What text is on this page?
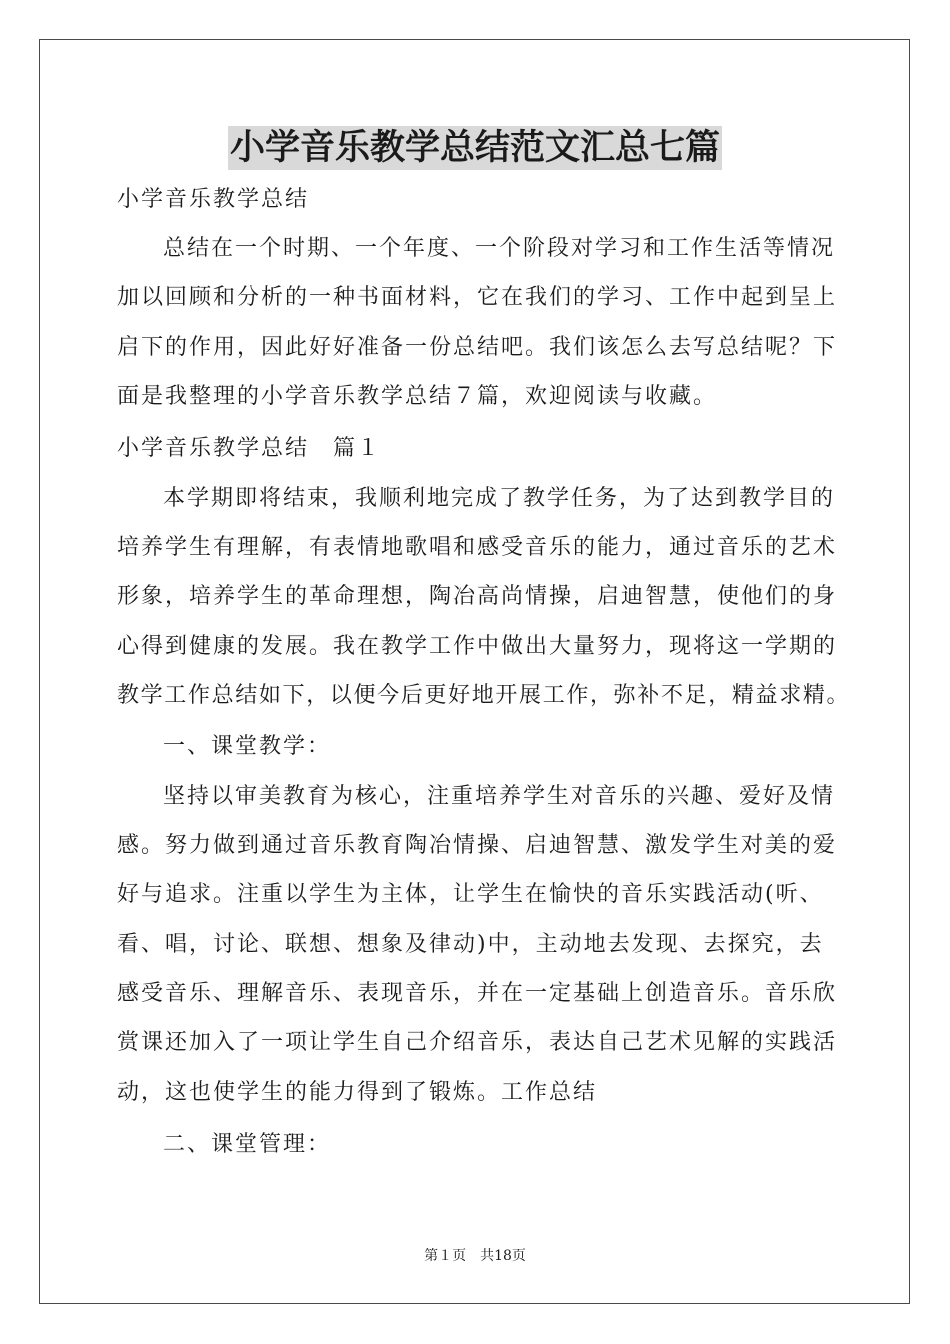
小学音乐教学总结范文汇总七篇
小学音乐教学总结
总结在一个时期、一个年度、一个阶段对学习和工作生活等情况
加以回顾和分析的一种书面材料，它在我们的学习、工作中起到呈上
启下的作用，因此好好准备一份总结吧。我们该怎么去写总结呢？下
面是我整理的小学音乐教学总结７篇，欢迎阅读与收藏。
小学音乐教学总结　篇１
本学期即将结束，我顺利地完成了教学任务，为了达到教学目的
培养学生有理解，有表情地歌唱和感受音乐的能力，通过音乐的艺术
形象，培养学生的革命理想，陶冶高尚情操，启迪智慧，使他们的身
心得到健康的发展。我在教学工作中做出大量努力，现将这一学期的
教学工作总结如下，以便今后更好地开展工作，弥补不足，精益求精。
一、课堂教学：
坚持以审美教育为核心，注重培养学生对音乐的兴趣、爱好及情
感。努力做到通过音乐教育陶冶情操、启迪智慧、激发学生对美的爱
好与追求。注重以学生为主体，让学生在愉快的音乐实践活动(听、
看、唱，讨论、联想、想象及律动)中，主动地去发现、去探究，去
感受音乐、理解音乐、表现音乐，并在一定基础上创造音乐。音乐欣
赏课还加入了一项让学生自己介绍音乐，表达自己艺术见解的实践活
动，这也使学生的能力得到了锻炼。工作总结
二、课堂管理：
第１页　共18页
